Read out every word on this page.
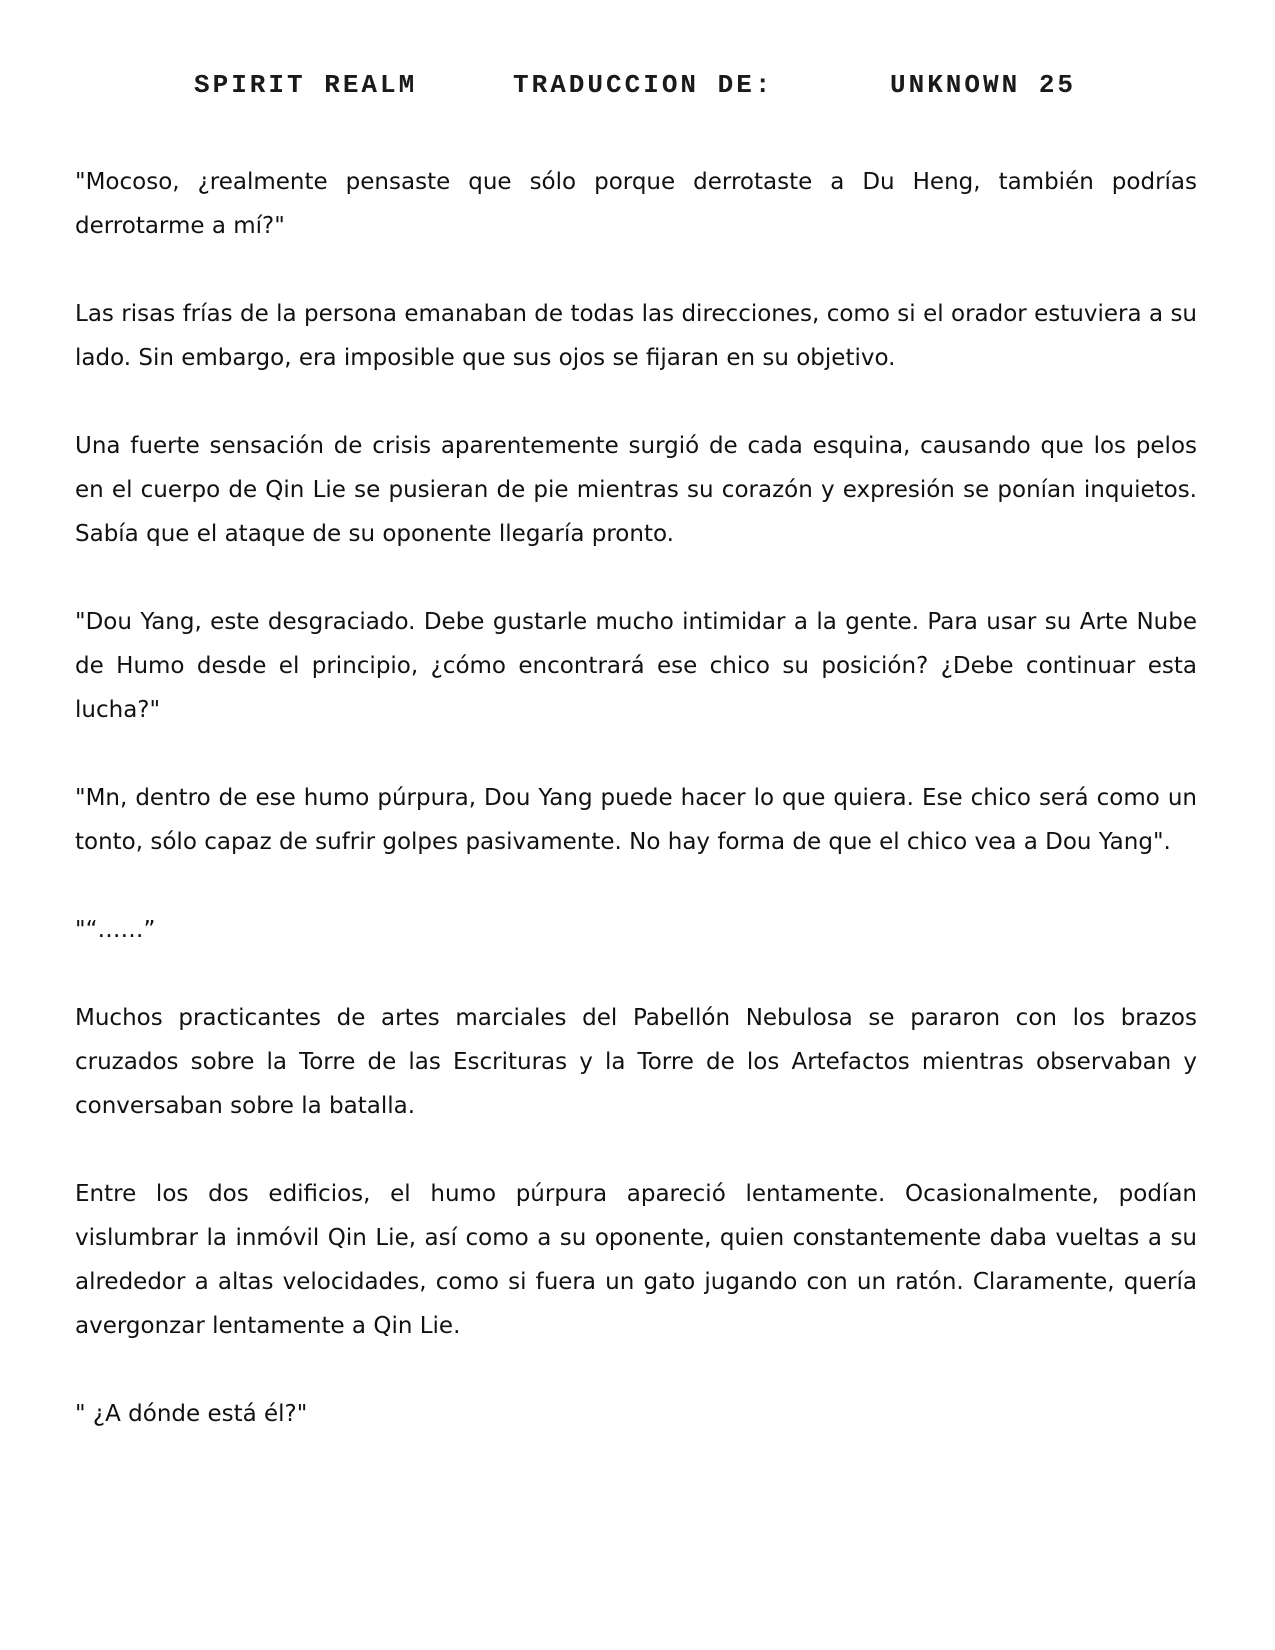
SPIRIT REALM	TRADUCCION DE:	UNKNOWN 25

"Mocoso, ¿realmente pensaste que sólo porque derrotaste a Du Heng, también podrías derrotarme a mí?"

Las risas frías de la persona emanaban de todas las direcciones, como si el orador estuviera a su lado. Sin embargo, era imposible que sus ojos se fijaran en su objetivo.

Una fuerte sensación de crisis aparentemente surgió de cada esquina, causando que los pelos en el cuerpo de Qin Lie se pusieran de pie mientras su corazón y expresión se ponían inquietos. Sabía que el ataque de su oponente llegaría pronto.

"Dou Yang, este desgraciado. Debe gustarle mucho intimidar a la gente. Para usar su Arte Nube de Humo desde el principio, ¿cómo encontrará ese chico su posición? ¿Debe continuar esta lucha?"

"Mn, dentro de ese humo púrpura, Dou Yang puede hacer lo que quiera. Ese chico será como un tonto, sólo capaz de sufrir golpes pasivamente. No hay forma de que el chico vea a Dou Yang".

"“……”

Muchos practicantes de artes marciales del Pabellón Nebulosa se pararon con los brazos cruzados sobre la Torre de las Escrituras y la Torre de los Artefactos mientras observaban y conversaban sobre la batalla.

Entre los dos edificios, el humo púrpura apareció lentamente. Ocasionalmente, podían vislumbrar la inmóvil Qin Lie, así como a su oponente, quien constantemente daba vueltas a su alrededor a altas velocidades, como si fuera un gato jugando con un ratón. Claramente, quería avergonzar lentamente a Qin Lie.

" ¿A dónde está él?"
